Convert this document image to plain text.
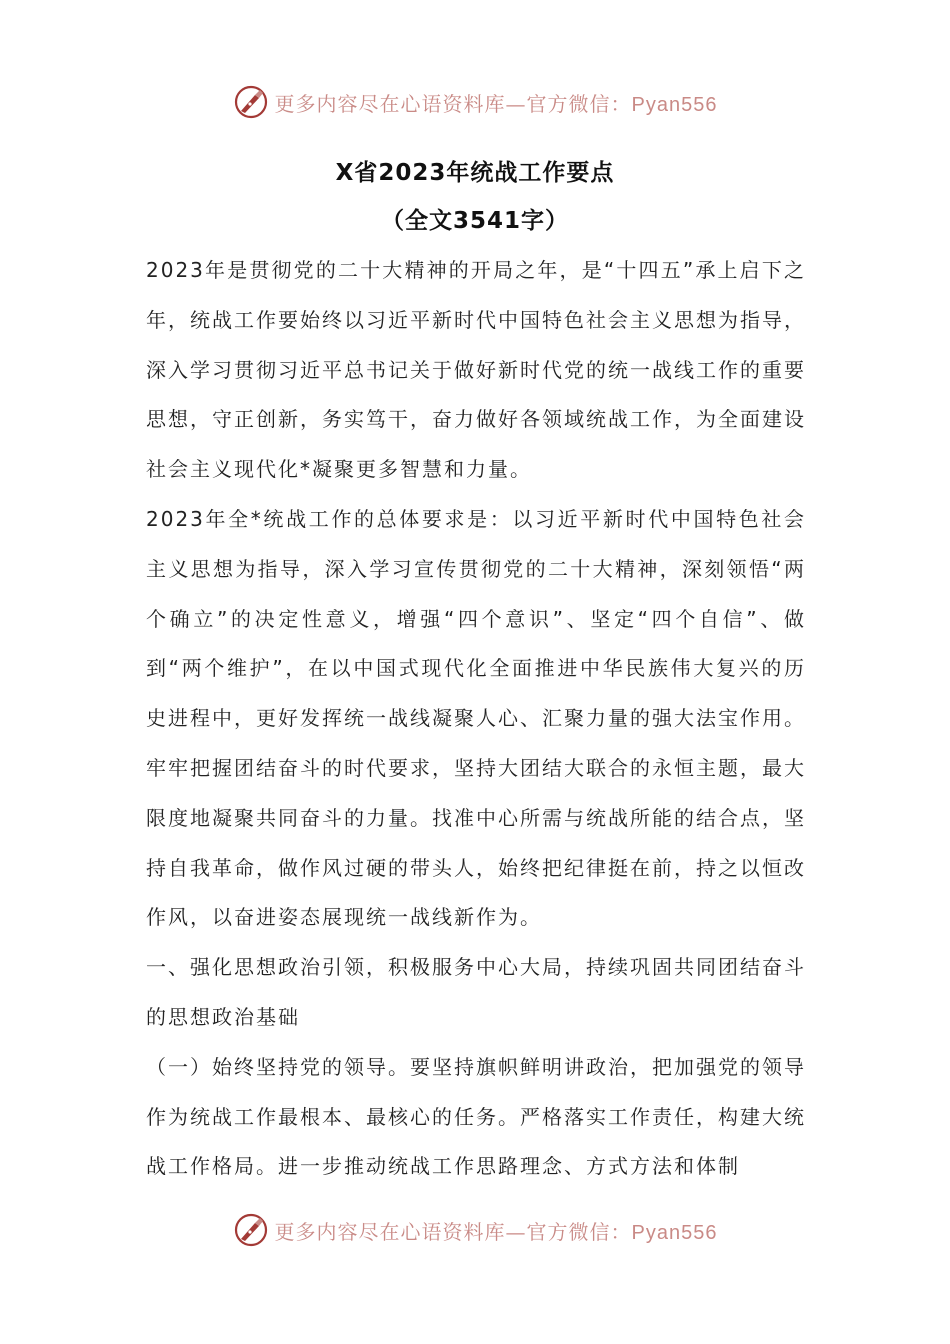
更多内容尽在心语资料库—官方微信：Pyan556
X省2023年统战工作要点
（全文3541字）

2023年是贯彻党的二十大精神的开局之年，是“十四五”承上启下之年，统战工作要始终以习近平新时代中国特色社会主义思想为指导，深入学习贯彻习近平总书记关于做好新时代党的统一战线工作的重要思想，守正创新，务实笃干，奋力做好各领域统战工作，为全面建设社会主义现代化*凝聚更多智慧和力量。

2023年全*统战工作的总体要求是：以习近平新时代中国特色社会主义思想为指导，深入学习宣传贯彻党的二十大精神，深刻领悟“两个确立”的决定性意义，增强“四个意识”、坚定“四个自信”、做到“两个维护”，在以中国式现代化全面推进中华民族伟大复兴的历史进程中，更好发挥统一战线凝聚人心、汇聚力量的强大法宝作用。牢牢把握团结奋斗的时代要求，坚持大团结大联合的永恒主题，最大限度地凝聚共同奋斗的力量。找准中心所需与统战所能的结合点，坚持自我革命，做作风过硬的带头人，始终把纪律挺在前，持之以恒改作风，以奋进姿态展现统一战线新作为。

一、强化思想政治引领，积极服务中心大局，持续巩固共同团结奋斗的思想政治基础

（一）始终坚持党的领导。要坚持旗帜鲜明讲政治，把加强党的领导作为统战工作最根本、最核心的任务。严格落实工作责任，构建大统战工作格局。进一步推动统战工作思路理念、方式方法和体制

更多内容尽在心语资料库—官方微信：Pyan556
